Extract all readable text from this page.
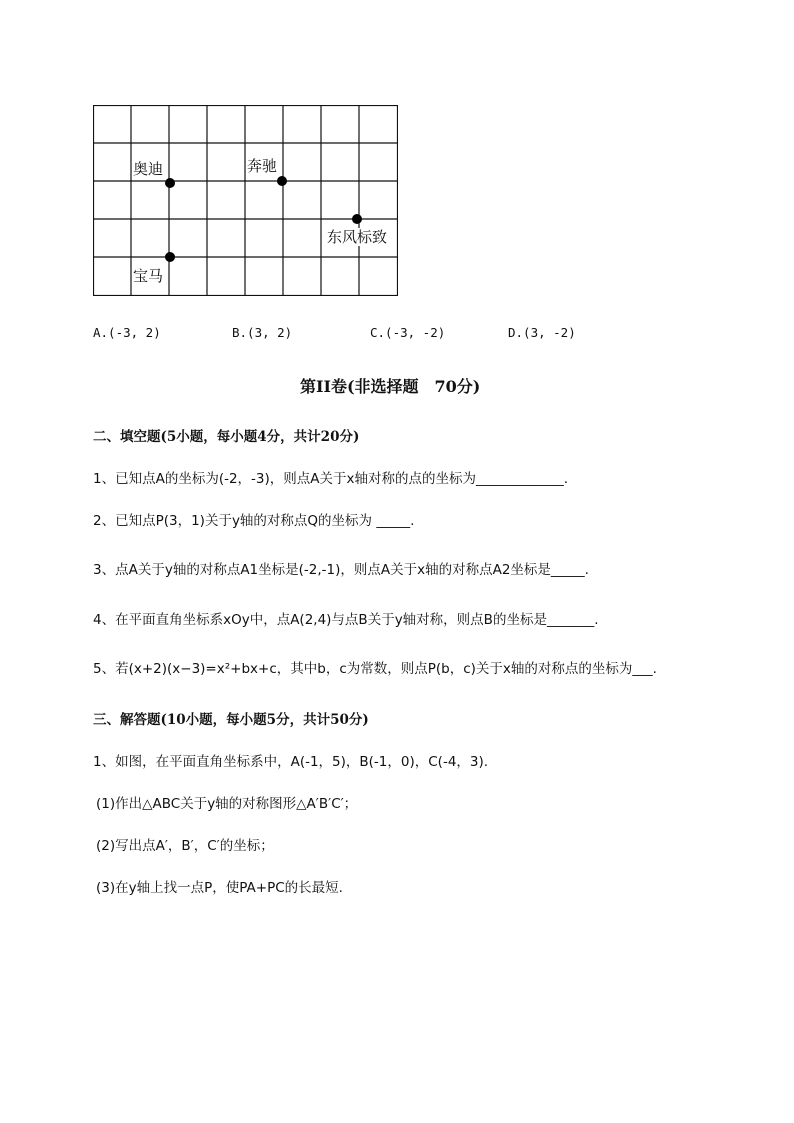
奥迪	奔驰
东风标致
宝马
A.(-3, 2)	B.(3, 2)	C.(-3, -2)	D.(3, -2)
第II卷(非选择题　70分)
二、填空题(5小题，每小题4分，共计20分)
1、已知点A的坐标为(-2，-3)，则点A关于x轴对称的点的坐标为_____________.
2、已知点P(3，1)关于y轴的对称点Q的坐标为 _____.
3、点A关于y轴的对称点A1坐标是(-2,-1)，则点A关于x轴的对称点A2坐标是_____.
4、在平面直角坐标系xOy中，点A(2,4)与点B关于y轴对称，则点B的坐标是_______.
5、若(x+2)(x−3)=x²+bx+c，其中b，c为常数，则点P(b，c)关于x轴的对称点的坐标为___.
三、解答题(10小题，每小题5分，共计50分)
1、如图，在平面直角坐标系中，A(-1，5)，B(-1，0)，C(-4，3).
(1)作出△ABC关于y轴的对称图形△A′B′C′；
(2)写出点A′，B′，C′的坐标；
(3)在y轴上找一点P，使PA+PC的长最短.
